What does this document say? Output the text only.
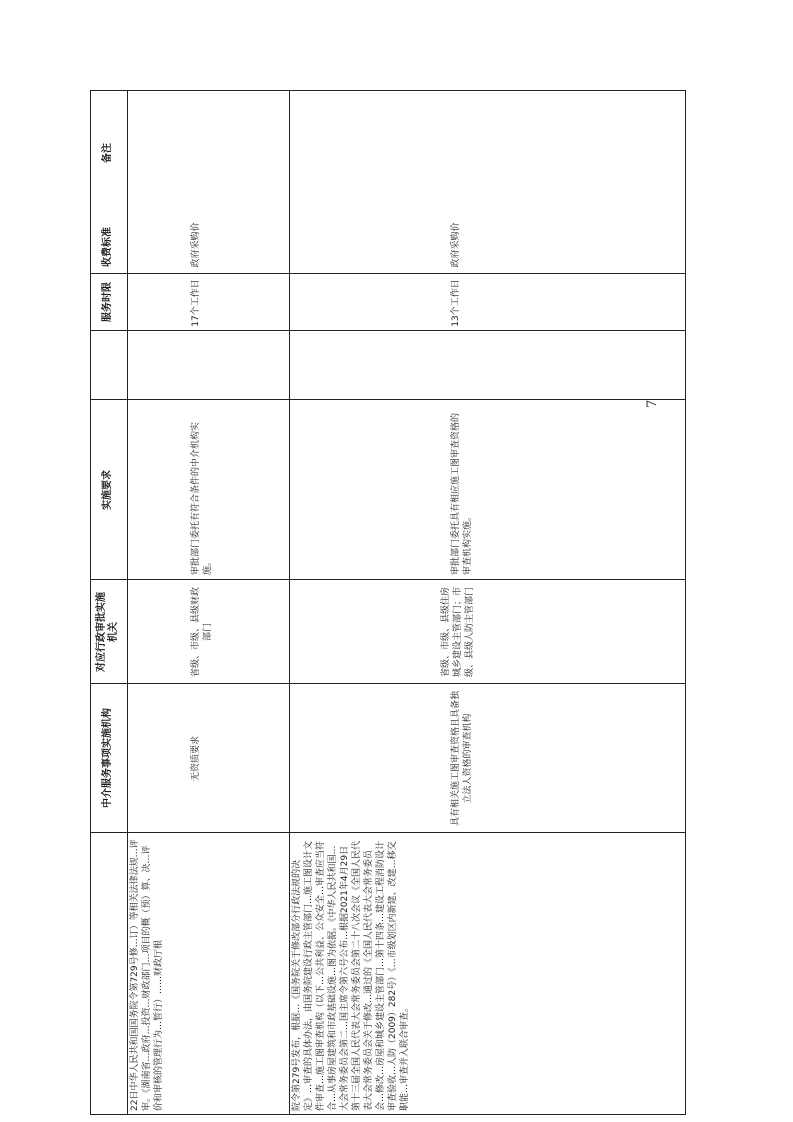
中介服务事项实施机构
对应行政审批实施机关
实施要求
服务时限
收费标准
备注
22日中华人民共和国国务院令第729号修…订）等相关法律法规…评审。《湖南省…政府…投资…财政部门…项目的概（预）算、决…评价和审核的管理行为…暂行）……财政厅根
无资质要求
省级、市级、县级财政部门
审批部门委托有符合条件的中介机构实施。
17个工作日
政府采购价
院令第279号发布，根据…《国务院关于修改部分行政法规的决定》…审查的具体办法，由国务院建设行政主管部门…施工图设计文件审查…施工图审查机构（以下…公共利益、公众安全…审查应当符合…从事房屋建筑和市政基础设施…图为依据。《中华人民共和国…大会常务委员会第二…国主席令第六号公布…根据2021年4月29日第十三届全国人民代表大会常务委员会第二十八次会议《全国人民代表大会常务委员会关于修改…通过的《全国人民代表大会常务委员会…修改…房屋和城乡建设主管部门…第十四条…建设工程消防设计审查验收…人防（2009）282号）《…市级划区内新建、改建…移交职能…审查并入联合审查。
具有相关施工图审查资格且具备独立法人资格的审查机构
省级、市级、县级住房城乡建设主管部门；市级、县级人防主管部门
审批部门委托具有相应施工图审查资格的审查机构实施。
13个工作日
政府采购价
7
